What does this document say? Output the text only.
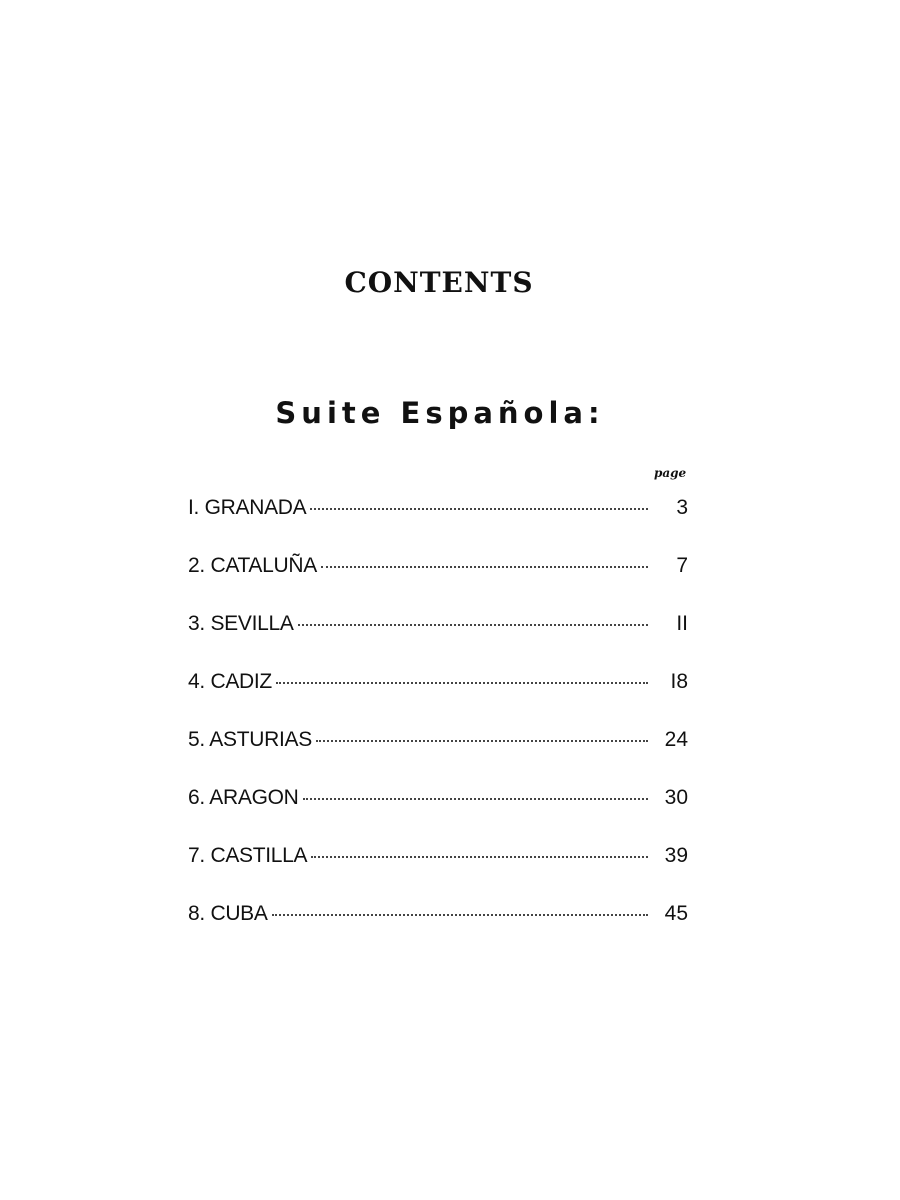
CONTENTS
Suite Española:
page
I. GRANADA	3
2. CATALUÑA	7
3. SEVILLA	II
4. CADIZ	I8
5. ASTURIAS	24
6. ARAGON	30
7. CASTILLA	39
8. CUBA	45
